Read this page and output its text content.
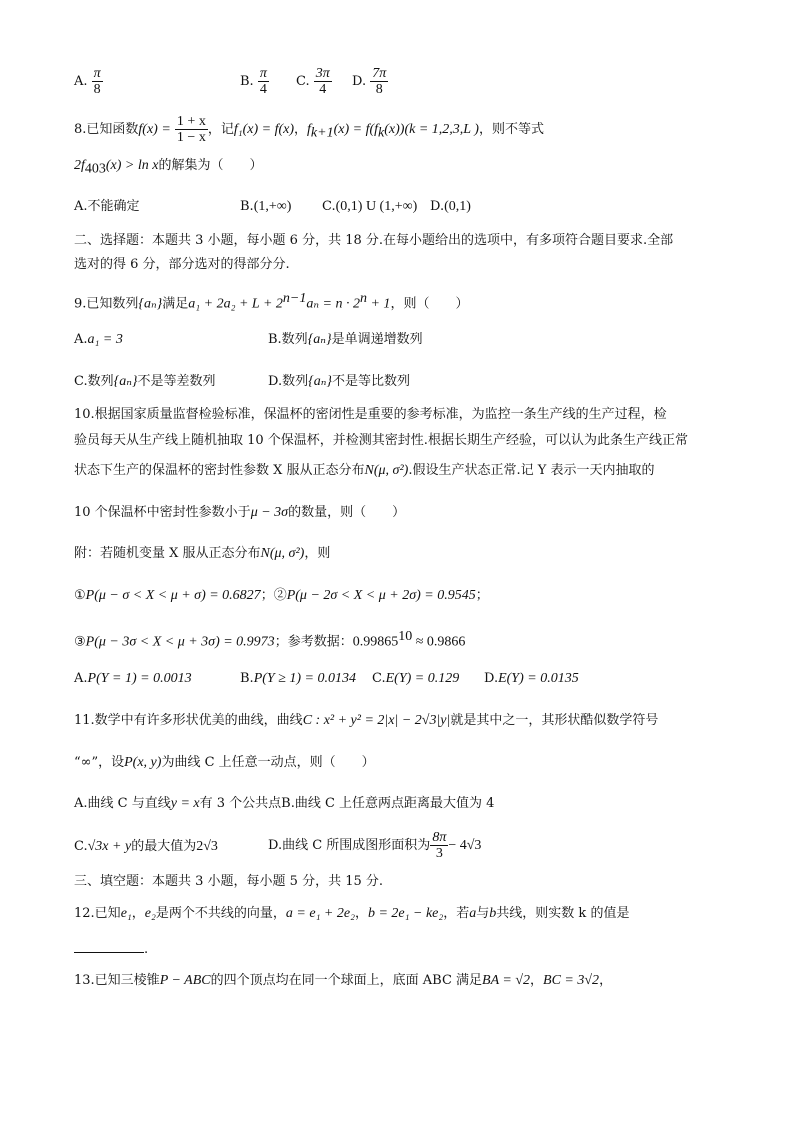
A. $\frac{\pi}{8}$	B. $\frac{\pi}{4} C$. $\frac{3\pi}{4} D$. $\frac{7\pi}{8}$
8.已知函数$f(x) = \frac{1 + x}{1 - x}$ ，记f₁(x) = f(x)，$f_{k+1}(x) = f(f_k(x))(k = 1,2,3,L$ )，则不等式
$2f_{403}(x) > \ln x$的解集为（　　）
A.不能确定	B.(1,+∞) C.(0,1) U (1,+∞) D.(0,1)
二、选择题：本题共 3 小题，每小题 6 分，共 18 分.在每小题给出的选项中，有多项符合题目要求.全部
选对的得 6 分，部分选对的得部分分.
9.已知数列{aₙ}满足$a_1 + 2a_2 + L + 2^{n-1}a_n = n \cdot 2^n + 1$，则（　　）
A.a₁ = 3	B.数列{aₙ}是单调递增数列
C.数列{aₙ}不是等差数列	D.数列{aₙ}不是等比数列
10.根据国家质量监督检验标准，保温杯的密闭性是重要的参考标准，为监控一条生产线的生产过程，检
验员每天从生产线上随机抽取 10 个保温杯，并检测其密封性.根据长期生产经验，可以认为此条生产线正常
状态下生产的保温杯的密封性参数 X 服从正态分布N(μ, σ²).假设生产状态正常.记 Y 表示一天内抽取的
10 个保温杯中密封性参数小于μ − 3σ的数量，则（　　）
附：若随机变量 X 服从正态分布N(μ, σ²)，则
①P(μ − σ < X < μ + σ) = 0.6827；②P(μ − 2σ < X < μ + 2σ) = 0.9545；
③P(μ − 3σ < X < μ + 3σ) = 0.9973；参考数据：$0.99865^{10} \approx 0.9866$
A.P(Y = 1) = 0.0013	B.P(Y ≥ 1) = 0.0134 C.E(Y) = 0.129 D.E(Y) = 0.0135
11.数学中有许多形状优美的曲线，曲线C : x² + y² = 2|x| − 2√3|y|就是其中之一，其形状酷似数学符号
“∞”，设P(x, y)为曲线 C 上任意一动点，则（　　）
A.曲线 C 与直线y = x有 3 个公共点B.曲线 C 上任意两点距离最大值为 4
C.√3x + y的最大值为2√3	D.曲线 C 所围成图形面积为 $\frac{8\pi}{3} - 4√3$
三、填空题：本题共 3 小题，每小题 5 分，共 15 分.
12.已知e₁，e₂是两个不共线的向量，a = e₁ + 2e₂，b = 2e₁ − ke₂，若a与b共线，则实数 k 的值是
.
13.已知三棱锥P − ABC的四个顶点均在同一个球面上，底面 ABC 满足BA = √2，BC = 3√2，
